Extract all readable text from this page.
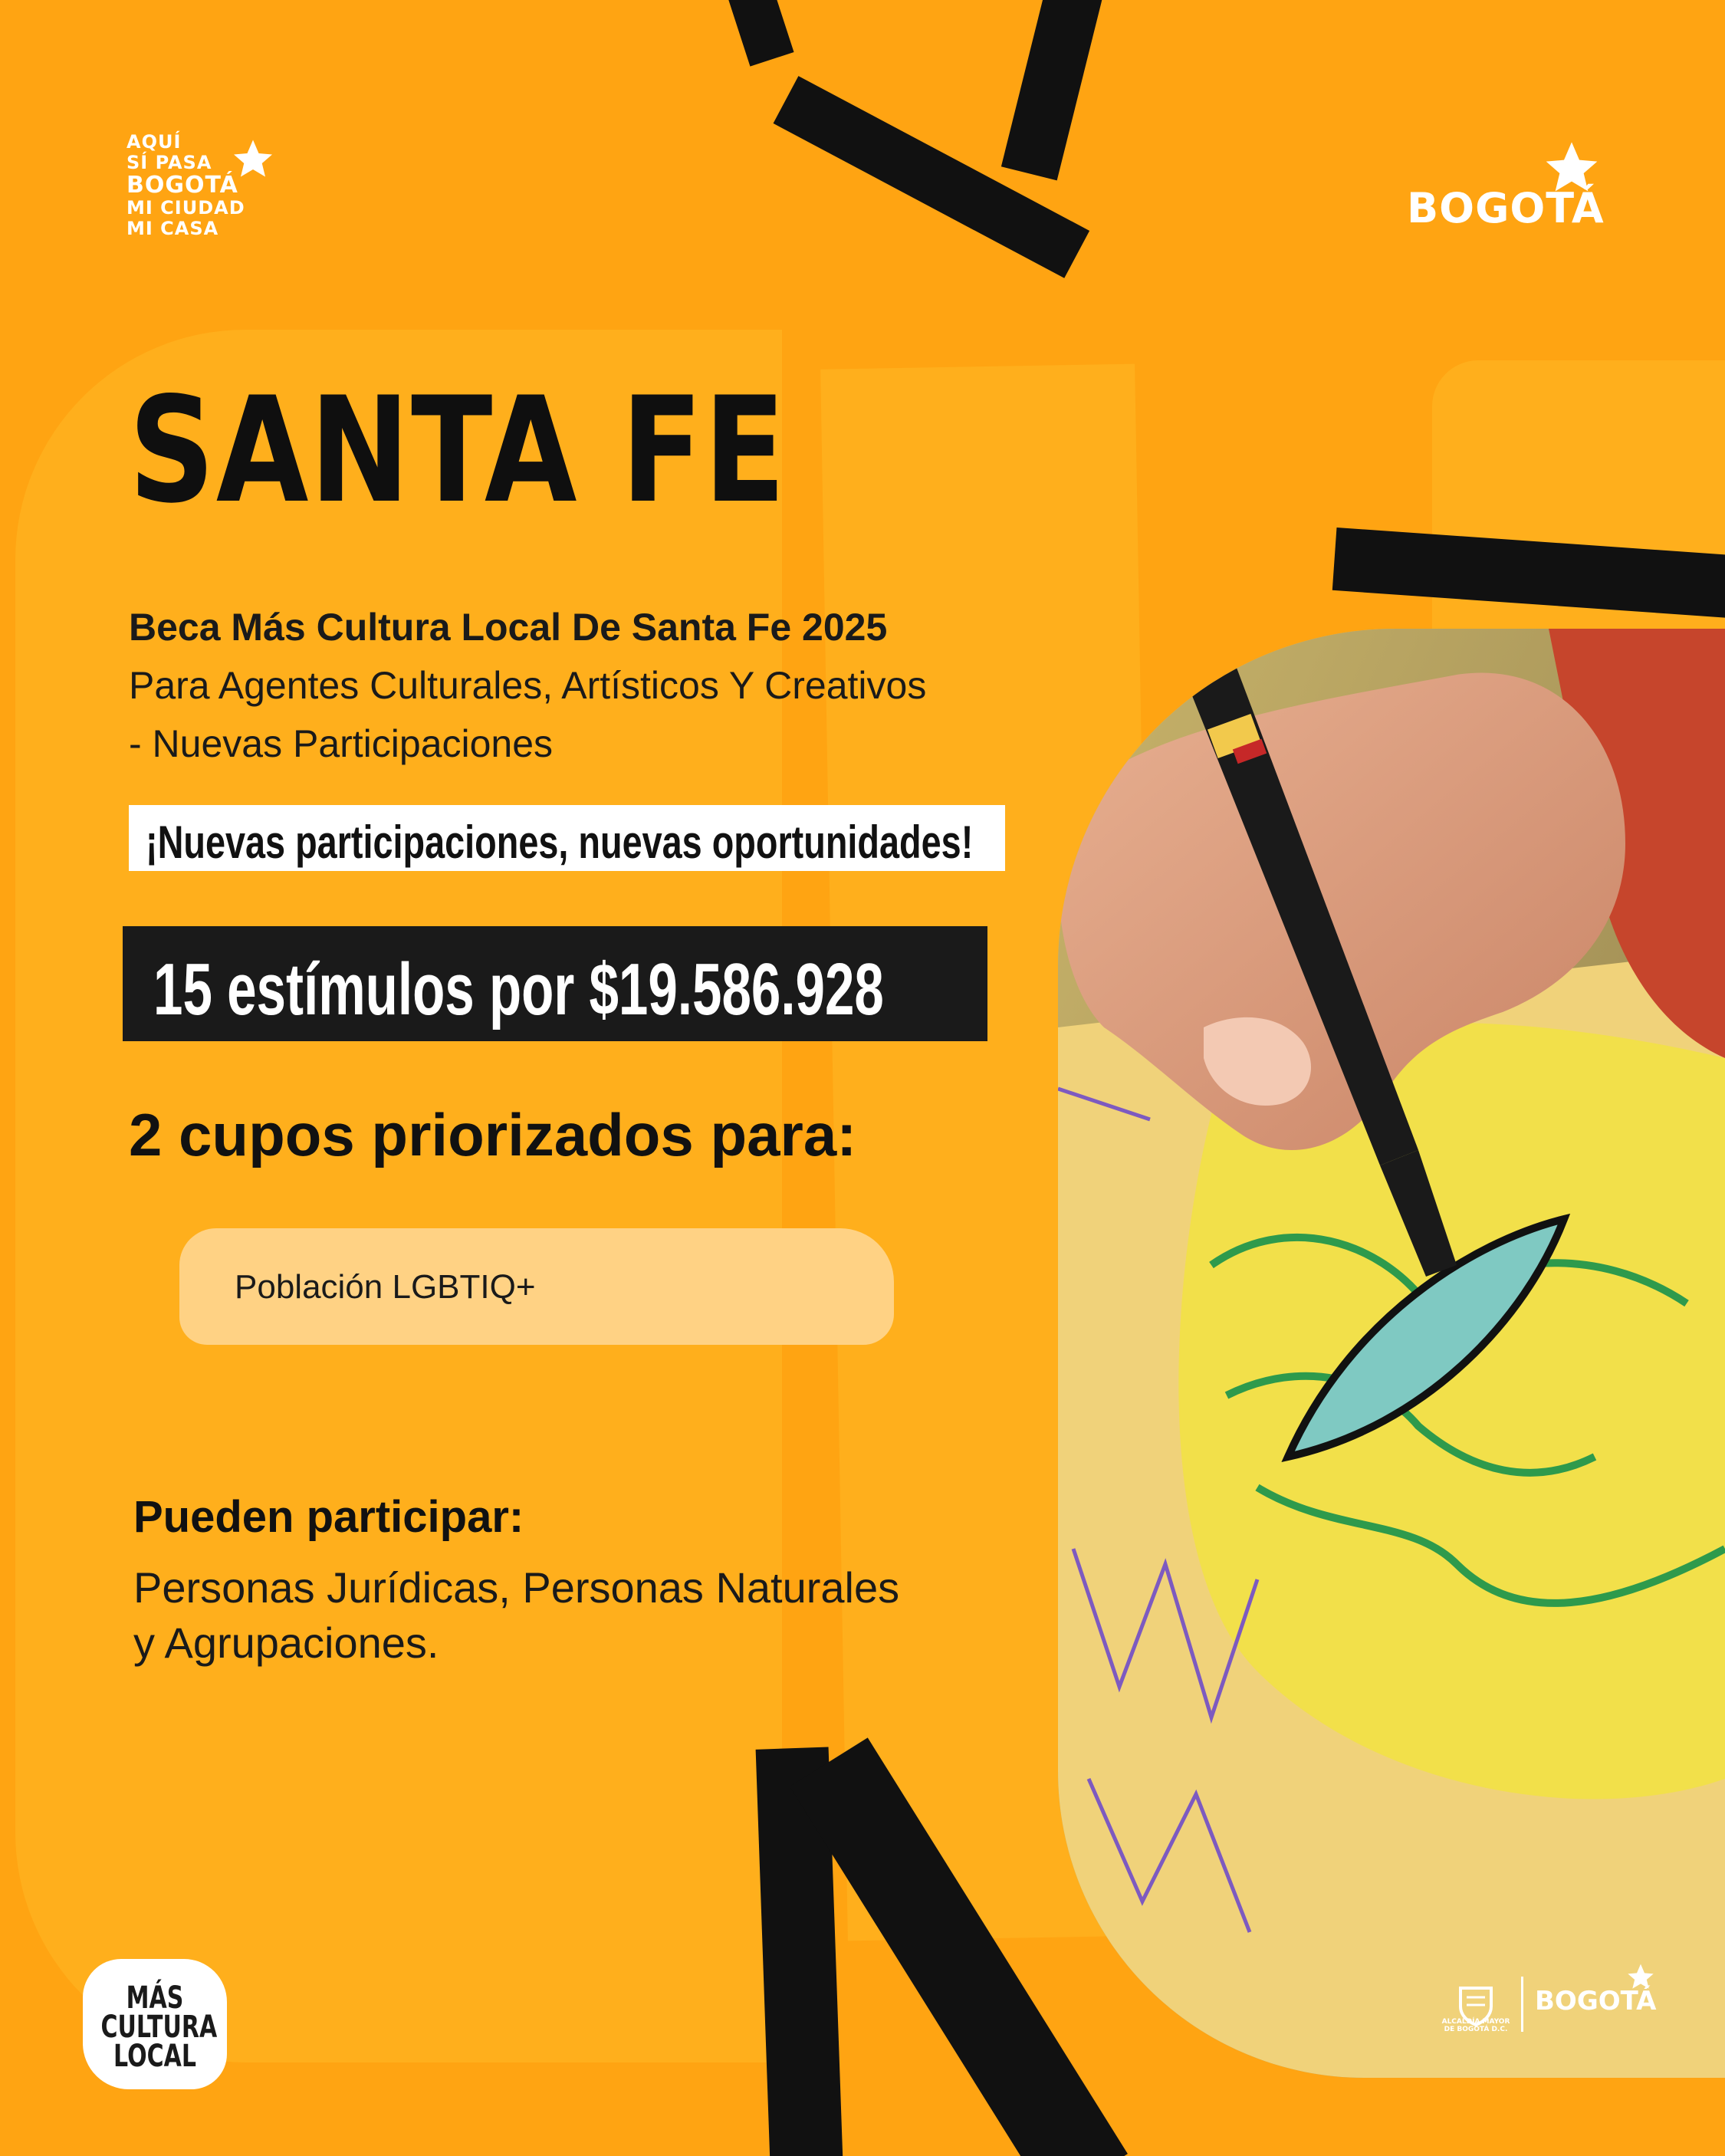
AQUÍ
SÍ PASA
BOGOTÁ
MI CIUDAD
MI CASA	BOGOTÁ
SANTA FE
Beca Más Cultura Local De Santa Fe 2025
Para Agentes Culturales, Artísticos Y Creativos
- Nuevas Participaciones
¡Nuevas participaciones, nuevas oportunidades!
15 estímulos por $19.586.928
2 cupos priorizados para:
Población LGBTIQ+
Pueden participar:

Personas Jurídicas, Personas Naturales
y Agrupaciones.

MÁS
CULTURA
LOCAL
ALCALDÍA MAYOR DE BOGOTÁ D.C.
BOGOTÁ
